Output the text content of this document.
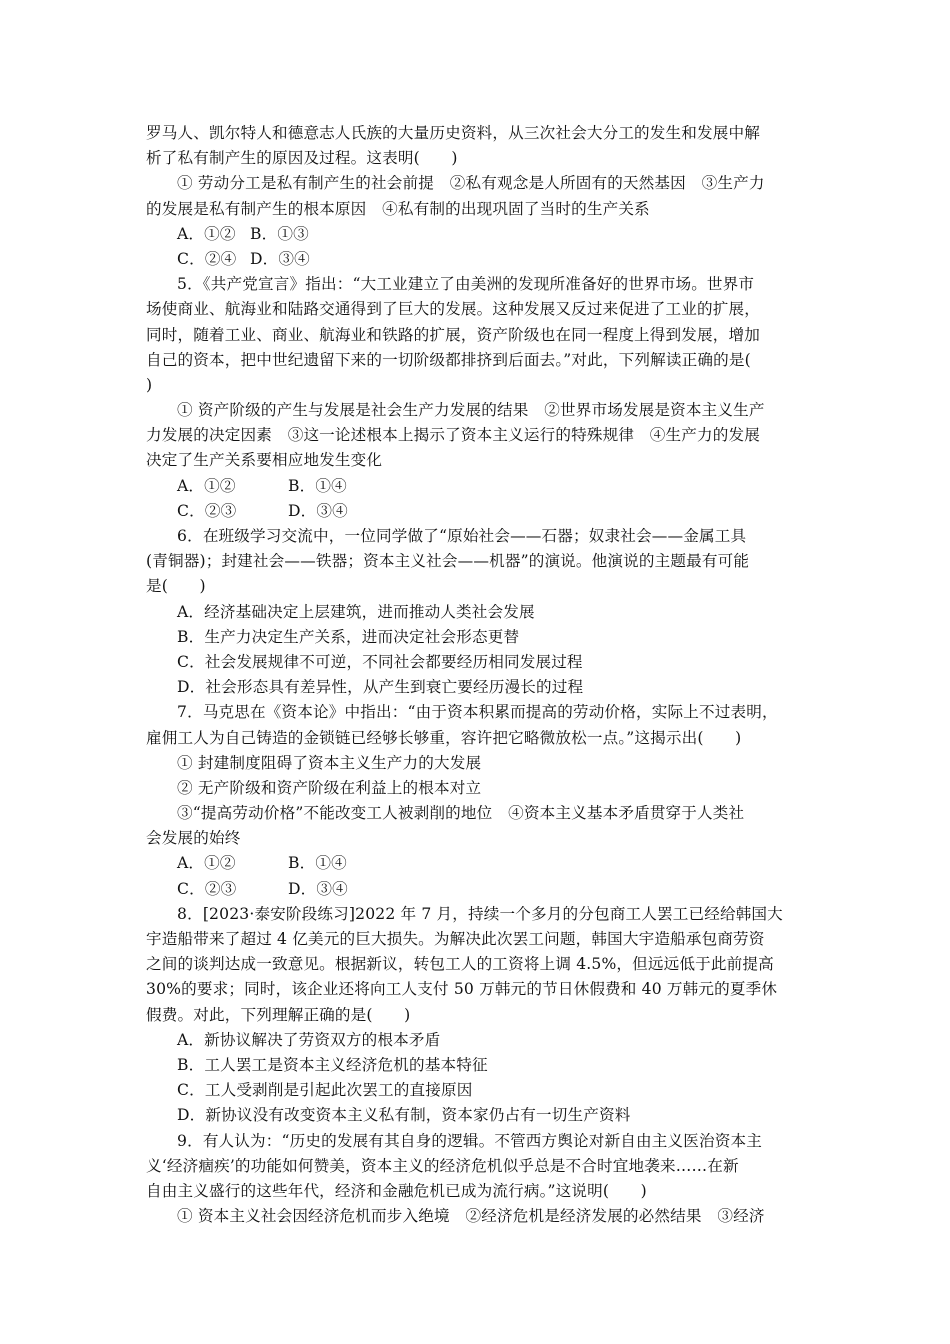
罗马人、凯尔特人和德意志人氏族的大量历史资料，从三次社会大分工的发生和发展中解
析了私有制产生的原因及过程。这表明(　　)
① 劳动分工是私有制产生的社会前提　②私有观念是人所固有的天然基因　③生产力
的发展是私有制产生的根本原因　④私有制的出现巩固了当时的生产关系
A．①② B．①③
C．②④ D．③④
5．《共产党宣言》指出：“大工业建立了由美洲的发现所准备好的世界市场。世界市
场使商业、航海业和陆路交通得到了巨大的发展。这种发展又反过来促进了工业的扩展，
同时，随着工业、商业、航海业和铁路的扩展，资产阶级也在同一程度上得到发展，增加
自己的资本，把中世纪遗留下来的一切阶级都排挤到后面去。”对此，下列解读正确的是(
)
① 资产阶级的产生与发展是社会生产力发展的结果　②世界市场发展是资本主义生产
力发展的决定因素　③这一论述根本上揭示了资本主义运行的特殊规律　④生产力的发展
决定了生产关系要相应地发生变化
A．①②	B．①④
C．②③	D．③④
6．在班级学习交流中，一位同学做了“原始社会——石器；奴隶社会——金属工具
(青铜器)；封建社会——铁器；资本主义社会——机器”的演说。他演说的主题最有可能
是(　　)
A．经济基础决定上层建筑，进而推动人类社会发展
B．生产力决定生产关系，进而决定社会形态更替
C．社会发展规律不可逆，不同社会都要经历相同发展过程
D．社会形态具有差异性，从产生到衰亡要经历漫长的过程
7．马克思在《资本论》中指出：“由于资本积累而提高的劳动价格，实际上不过表明，
雇佣工人为自己铸造的金锁链已经够长够重，容许把它略微放松一点。”这揭示出(　　)
① 封建制度阻碍了资本主义生产力的大发展
② 无产阶级和资产阶级在利益上的根本对立
③“提高劳动价格”不能改变工人被剥削的地位　④资本主义基本矛盾贯穿于人类社
会发展的始终
A．①②	B．①④
C．②③	D．③④
8．[2023·泰安阶段练习]2022 年 7 月，持续一个多月的分包商工人罢工已经给韩国大
宇造船带来了超过 4 亿美元的巨大损失。为解决此次罢工问题，韩国大宇造船承包商劳资
之间的谈判达成一致意见。根据新议，转包工人的工资将上调 4.5%，但远远低于此前提高
30%的要求；同时，该企业还将向工人支付 50 万韩元的节日休假费和 40 万韩元的夏季休
假费。对此，下列理解正确的是(　　)
A．新协议解决了劳资双方的根本矛盾
B．工人罢工是资本主义经济危机的基本特征
C．工人受剥削是引起此次罢工的直接原因
D．新协议没有改变资本主义私有制，资本家仍占有一切生产资料
9．有人认为：“历史的发展有其自身的逻辑。不管西方舆论对新自由主义医治资本主
义‘经济痼疾’的功能如何赞美，资本主义的经济危机似乎总是不合时宜地袭来……在新
自由主义盛行的这些年代，经济和金融危机已成为流行病。”这说明(　　)
① 资本主义社会因经济危机而步入绝境　②经济危机是经济发展的必然结果　③经济
